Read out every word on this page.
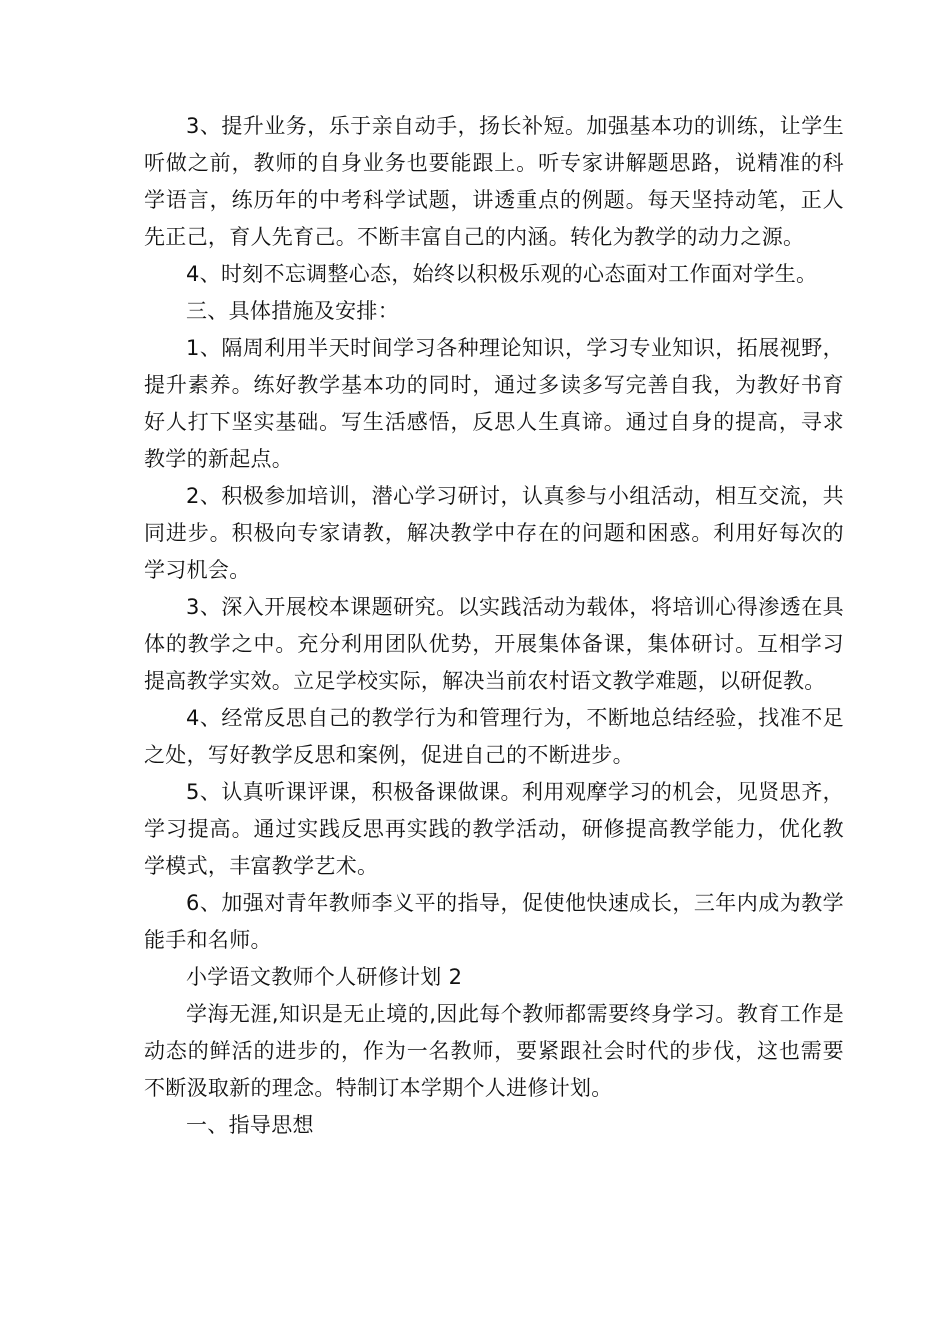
3、提升业务，乐于亲自动手，扬长补短。加强基本功的训练，让学生听做之前，教师的自身业务也要能跟上。听专家讲解题思路，说精准的科学语言，练历年的中考科学试题，讲透重点的例题。每天坚持动笔，正人先正己，育人先育己。不断丰富自己的内涵。转化为教学的动力之源。

4、时刻不忘调整心态，始终以积极乐观的心态面对工作面对学生。

三、具体措施及安排：

1、隔周利用半天时间学习各种理论知识，学习专业知识，拓展视野，提升素养。练好教学基本功的同时，通过多读多写完善自我，为教好书育好人打下坚实基础。写生活感悟，反思人生真谛。通过自身的提高，寻求教学的新起点。

2、积极参加培训，潜心学习研讨，认真参与小组活动，相互交流，共同进步。积极向专家请教，解决教学中存在的问题和困惑。利用好每次的学习机会。

3、深入开展校本课题研究。以实践活动为载体，将培训心得渗透在具体的教学之中。充分利用团队优势，开展集体备课，集体研讨。互相学习提高教学实效。立足学校实际，解决当前农村语文教学难题，以研促教。

4、经常反思自己的教学行为和管理行为，不断地总结经验，找准不足之处，写好教学反思和案例，促进自己的不断进步。

5、认真听课评课，积极备课做课。利用观摩学习的机会，见贤思齐，学习提高。通过实践反思再实践的教学活动，研修提高教学能力，优化教学模式，丰富教学艺术。

6、加强对青年教师李义平的指导，促使他快速成长，三年内成为教学能手和名师。

小学语文教师个人研修计划 2

学海无涯,知识是无止境的,因此每个教师都需要终身学习。教育工作是动态的鲜活的进步的，作为一名教师，要紧跟社会时代的步伐，这也需要不断汲取新的理念。特制订本学期个人进修计划。

一、指导思想
